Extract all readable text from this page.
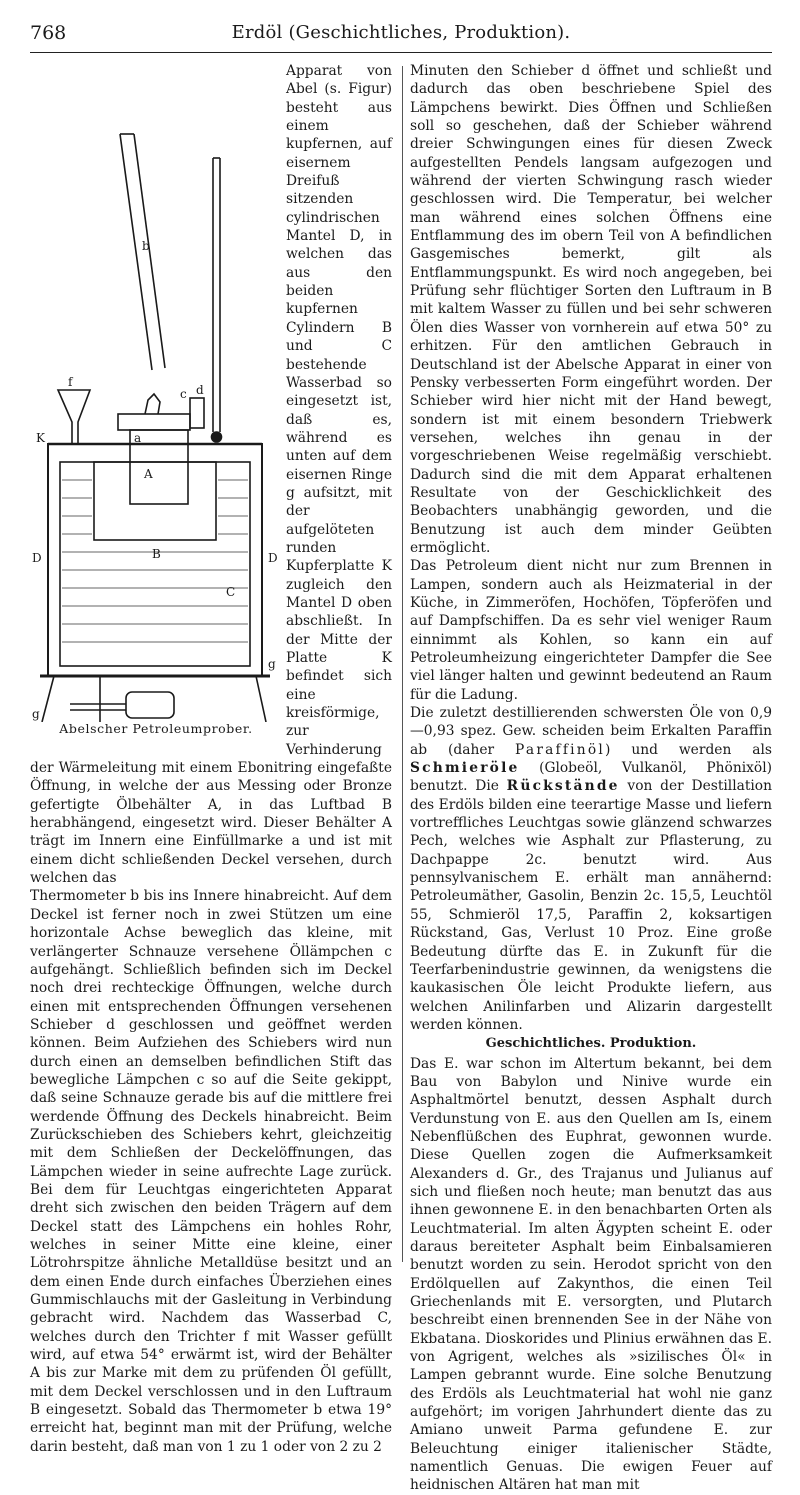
768	Erdöl (Geschichtliches, Produktion).
b
f
c d
a
A
K
B
C
D	D
g
g
Abelscher Petroleumprober.

Apparat von Abel (s. Figur) besteht aus einem kupfernen, auf eisernem Dreifuß sitzenden cylindrischen Mantel D, in welchen das aus den beiden kupfernen Cylindern B und C bestehende Wasserbad so eingesetzt ist, daß es, während es unten auf dem eisernen Ringe g aufsitzt, mit der aufgelöteten runden Kupferplatte K zugleich den Mantel D oben abschließt. In der Mitte der Platte K befindet sich eine kreisförmige, zur Verhinderung der Wärmeleitung mit einem Ebonitring eingefaßte Öffnung, in welche der aus Messing oder Bronze gefertigte Ölbehälter A, in das Luftbad B herabhängend, eingesetzt wird. Dieser Behälter A trägt im Innern eine Einfüllmarke a und ist mit einem dicht schließenden Deckel versehen, durch welchen das

Thermometer b bis ins Innere hinabreicht. Auf dem Deckel ist ferner noch in zwei Stützen um eine horizontale Achse beweglich das kleine, mit verlängerter Schnauze versehene Öllämpchen c aufgehängt. Schließlich befinden sich im Deckel noch drei rechteckige Öffnungen, welche durch einen mit entsprechenden Öffnungen versehenen Schieber d geschlossen und geöffnet werden können. Beim Aufziehen des Schiebers wird nun durch einen an demselben befindlichen Stift das bewegliche Lämpchen c so auf die Seite gekippt, daß seine Schnauze gerade bis auf die mittlere frei werdende Öffnung des Deckels hinabreicht. Beim Zurückschieben des Schiebers kehrt, gleichzeitig mit dem Schließen der Deckelöffnungen, das Lämpchen wieder in seine aufrechte Lage zurück. Bei dem für Leuchtgas eingerichteten Apparat dreht sich zwischen den beiden Trägern auf dem Deckel statt des Lämpchens ein hohles Rohr, welches in seiner Mitte eine kleine, einer Lötrohrspitze ähnliche Metalldüse besitzt und an dem einen Ende durch einfaches Überziehen eines Gummischlauchs mit der Gasleitung in Verbindung gebracht wird. Nachdem das Wasserbad C, welches durch den Trichter f mit Wasser gefüllt wird, auf etwa 54° erwärmt ist, wird der Behälter A bis zur Marke mit dem zu prüfenden Öl gefüllt, mit dem Deckel verschlossen und in den Luftraum B eingesetzt. Sobald das Thermometer b etwa 19° erreicht hat, beginnt man mit der Prüfung, welche darin besteht, daß man von 1 zu 1 oder von 2 zu 2

Minuten den Schieber d öffnet und schließt und dadurch das oben beschriebene Spiel des Lämpchens bewirkt. Dies Öffnen und Schließen soll so geschehen, daß der Schieber während dreier Schwingungen eines für diesen Zweck aufgestellten Pendels langsam aufgezogen und während der vierten Schwingung rasch wieder geschlossen wird. Die Temperatur, bei welcher man während eines solchen Öffnens eine Entflammung des im obern Teil von A befindlichen Gasgemisches bemerkt, gilt als Entflammungspunkt. Es wird noch angegeben, bei Prüfung sehr flüchtiger Sorten den Luftraum in B mit kaltem Wasser zu füllen und bei sehr schweren Ölen dies Wasser von vornherein auf etwa 50° zu erhitzen. Für den amtlichen Gebrauch in Deutschland ist der Abelsche Apparat in einer von Pensky verbesserten Form eingeführt worden. Der Schieber wird hier nicht mit der Hand bewegt, sondern ist mit einem besondern Triebwerk versehen, welches ihn genau in der vorgeschriebenen Weise regelmäßig verschiebt. Dadurch sind die mit dem Apparat erhaltenen Resultate von der Geschicklichkeit des Beobachters unabhängig geworden, und die Benutzung ist auch dem minder Geübten ermöglicht.

Das Petroleum dient nicht nur zum Brennen in Lampen, sondern auch als Heizmaterial in der Küche, in Zimmeröfen, Hochöfen, Töpferöfen und auf Dampfschiffen. Da es sehr viel weniger Raum einnimmt als Kohlen, so kann ein auf Petroleumheizung eingerichteter Dampfer die See viel länger halten und gewinnt bedeutend an Raum für die Ladung.

Die zuletzt destillierenden schwersten Öle von 0,9—0,93 spez. Gew. scheiden beim Erkalten Paraffin ab (daher Paraffinöl) und werden als Schmieröle (Globeöl, Vulkanöl, Phönixöl) benutzt. Die Rückstände von der Destillation des Erdöls bilden eine teerartige Masse und liefern vortreffliches Leuchtgas sowie glänzend schwarzes Pech, welches wie Asphalt zur Pflasterung, zu Dachpappe 2c. benutzt wird. Aus pennsylvanischem E. erhält man annähernd: Petroleumäther, Gasolin, Benzin 2c. 15,5, Leuchtöl 55, Schmieröl 17,5, Paraffin 2, koksartigen Rückstand, Gas, Verlust 10 Proz. Eine große Bedeutung dürfte das E. in Zukunft für die Teerfarbenindustrie gewinnen, da wenigstens die kaukasischen Öle leicht Produkte liefern, aus welchen Anilinfarben und Alizarin dargestellt werden können.

Geschichtliches. Produktion.

Das E. war schon im Altertum bekannt, bei dem Bau von Babylon und Ninive wurde ein Asphaltmörtel benutzt, dessen Asphalt durch Verdunstung von E. aus den Quellen am Is, einem Nebenflüßchen des Euphrat, gewonnen wurde. Diese Quellen zogen die Aufmerksamkeit Alexanders d. Gr., des Trajanus und Julianus auf sich und fließen noch heute; man benutzt das aus ihnen gewonnene E. in den benachbarten Orten als Leuchtmaterial. Im alten Ägypten scheint E. oder daraus bereiteter Asphalt beim Einbalsamieren benutzt worden zu sein. Herodot spricht von den Erdölquellen auf Zakynthos, die einen Teil Griechenlands mit E. versorgten, und Plutarch beschreibt einen brennenden See in der Nähe von Ekbatana. Dioskorides und Plinius erwähnen das E. von Agrigent, welches als »sizilisches Öl« in Lampen gebrannt wurde. Eine solche Benutzung des Erdöls als Leuchtmaterial hat wohl nie ganz aufgehört; im vorigen Jahrhundert diente das zu Amiano unweit Parma gefundene E. zur Beleuchtung einiger italienischer Städte, namentlich Genuas. Die ewigen Feuer auf heidnischen Altären hat man mit
